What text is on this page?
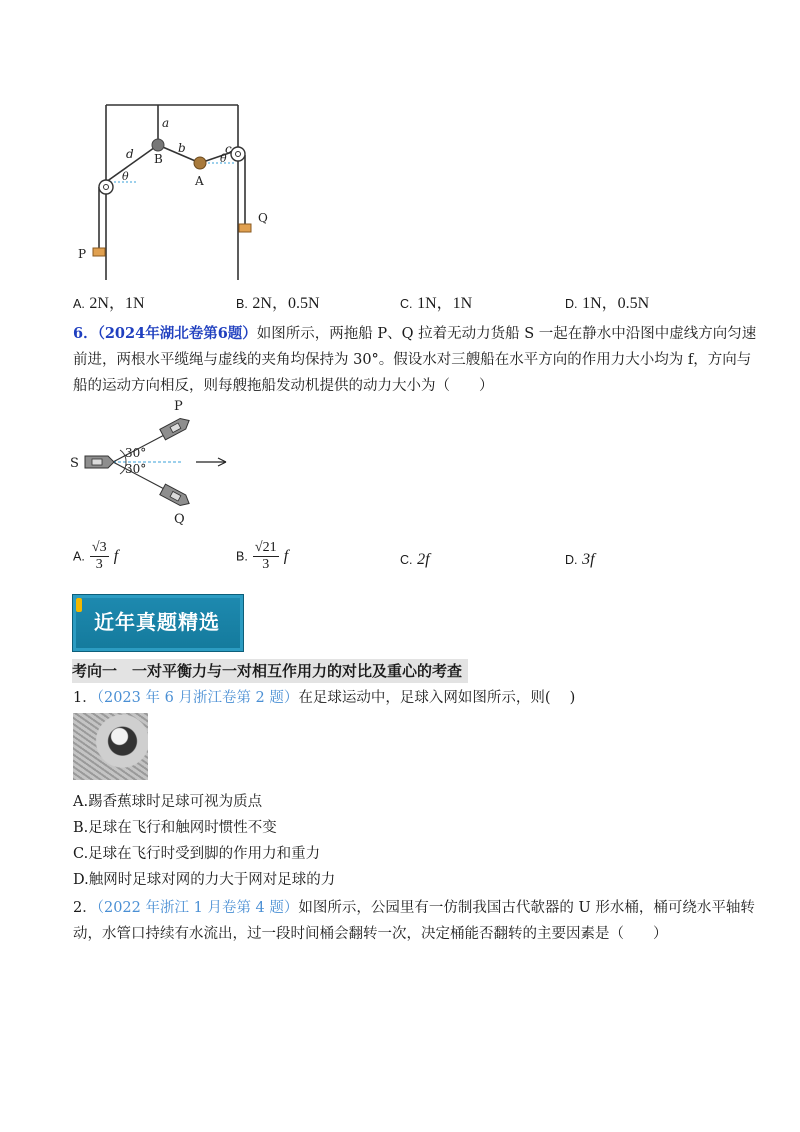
a
d	b	c
B
A
θ
θ
P
Q
A. 2N，1N	B. 2N，0.5N	C. 1N，1N	D. 1N，0.5N
6．（2024年湖北卷第6题）如图所示，两拖船 P、Q 拉着无动力货船 S 一起在静水中沿图中虚线方向匀速
前进，两根水平缆绳与虚线的夹角均保持为 30°。假设水对三艘船在水平方向的作用力大小均为 f，方向与
船的运动方向相反，则每艘拖船发动机提供的动力大小为（　　）
S
P
Q
30°
30°
A. $\frac{√3}{3}$ f	B. $\frac{√21}{3}$ f	C. 2f	D. 3f
近年真题精选
考向一　一对平衡力与一对相互作用力的对比及重心的考查
1．（2023 年 6 月浙江卷第 2 题）在足球运动中，足球入网如图所示，则(　 )
A.踢香蕉球时足球可视为质点
B.足球在飞行和触网时惯性不变
C.足球在飞行时受到脚的作用力和重力
D.触网时足球对网的力大于网对足球的力
2．（2022 年浙江 1 月卷第 4 题）如图所示，公园里有一仿制我国古代欹器的 U 形水桶，桶可绕水平轴转
动，水管口持续有水流出，过一段时间桶会翻转一次，决定桶能否翻转的主要因素是（　　）
